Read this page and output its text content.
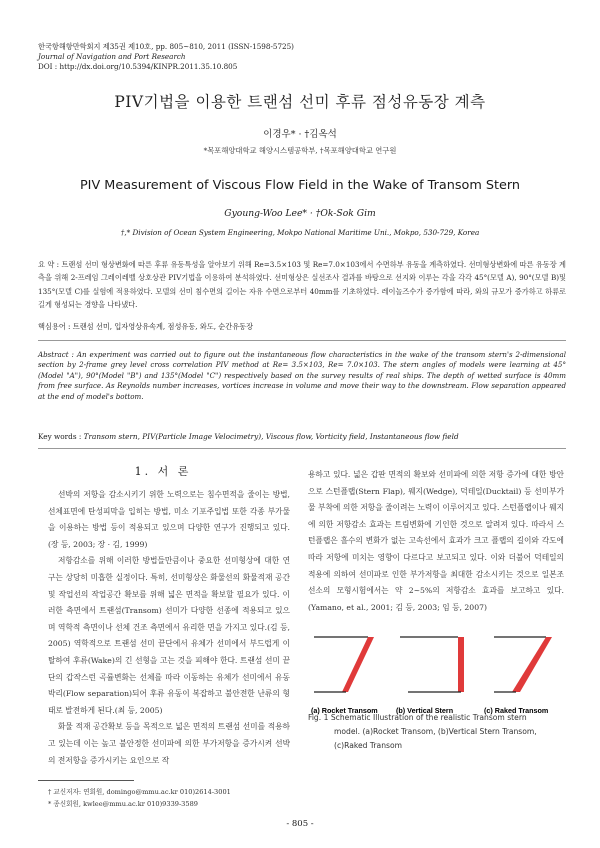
한국항해항만학회지 제35권 제10호, pp. 805~810, 2011 (ISSN-1598-5725)
Journal of Navigation and Port Research
DOI : http://dx.doi.org/10.5394/KINPR.2011.35.10.805
PIV기법을 이용한 트랜섬 선미 후류 점성유동장 계측
이경우* · †김옥석
*목포해양대학교 해양시스템공학부, †목포해양대학교 연구원
PIV Measurement of Viscous Flow Field in the Wake of Transom Stern
Gyoung-Woo Lee* · †Ok-Sok Gim
†,* Division of Ocean System Engineering, Mokpo National Maritime Uni., Mokpo, 530-729, Korea
요 약 : 트랜섬 선미 형상변화에 따른 후류 유동특성을 알아보기 위해 Re=3.5×103 및 Re=7.0×103에서 수면하부 유동을 계측하였다. 선미형상변화에 따른 유동장 계측을 위해 2-프레임 그레이레벨 상호상관 PIV기법을 이용하여 분석하였다. 선미형상은 실선조사 결과를 바탕으로 선지와 이루는 각을 각각 45°(모델 A), 90°(모델 B)및 135°(모델 C)를 실험에 적용하였다. 모델의 선미 침수면의 길이는 자유 수면으로부터 40mm를 기초하였다. 레이놀즈수가 증가함에 따라, 와의 규모가 증가하고 하류로 길게 형성되는 경향을 나타냈다.
핵심용어 : 트랜섬 선미, 입자영상유속계, 점성유동, 와도, 순간유동장
Abstract : An experiment was carried out to figure out the instantaneous flow characteristics in the wake of the transom stern's 2-dimensional section by 2-frame grey level cross correlation PIV method at Re= 3.5×103, Re= 7.0×103. The stern angles of models were learning at 45°(Model "A"), 90°(Model "B") and 135°(Model "C") respectively based on the survey results of real ships. The depth of wetted surface is 40mm from free surface. As Reynolds number increases, vortices increase in volume and move their way to the downstream. Flow separation appeared at the end of model's bottom.
Key words : Transom stern, PIV(Particle Image Velocimetry), Viscous flow, Vorticity field, Instantaneous flow field
1. 서 론

선박의 저항을 감소시키기 위한 노력으로는 침수면적을 줄이는 방법, 선체표면에 탄성피막을 입히는 방법, 미소 기포주입법 또한 각종 부가물을 이용하는 방법 등이 적용되고 있으며 다양한 연구가 진행되고 있다.(장 등, 2003; 장 · 김, 1999)

저항감소를 위해 이러한 방법들만큼이나 중요한 선미형상에 대한 연구는 상당히 미흡한 실정이다. 특히, 선미형상은 화물선의 화물적재 공간 및 작업선의 작업공간 확보를 위해 넓은 면적을 확보할 필요가 있다. 이러한 측면에서 트랜섬(Transom) 선미가 다양한 선종에 적용되고 있으며 역학적 측면이나 선체 건조 측면에서 유리한 면을 가지고 있다.(김 등, 2005) 역학적으로 트랜섬 선미 끝단에서 유체가 선미에서 부드럽게 이탈하여 후류(Wake)의 긴 선형을 고는 것을 피해야 한다. 트랜섬 선미 끝단의 갑작스런 곡률변화는 선체를 따라 이동하는 유체가 선미에서 유동박리(Flow separation)되어 후류 유동이 복잡하고 불안전한 난류의 형태로 발전하게 된다.(최 등, 2005)

화물 적재 공간확보 등을 목적으로 넓은 면적의 트랜섬 선미를 적용하고 있는데 이는 높고 불안정한 선미파에 의한 부가저항을 증가시켜 선박의 전저항을 증가시키는 요인으로 작

용하고 있다. 넓은 갑판 면적의 확보와 선미파에 의한 저항 증가에 대한 방안으로 스턴플랩(Stern Flap), 웨지(Wedge), 덕테일(Ducktail) 등 선미부가물 부착에 의한 저항을 줄이려는 노력이 이루어지고 있다. 스턴플랩이나 웨지에 의한 저항감소 효과는 트림변화에 기인한 것으로 알려져 있다. 따라서 스턴플랩은 흘수의 변화가 없는 고속선에서 효과가 크고 플랩의 길이와 각도에 따라 저항에 미치는 영향이 다르다고 보고되고 있다. 이와 더불어 덕테일의 적용에 의하여 선미파로 인한 부가저항을 최대한 감소시키는 것으로 일본조선소의 모형시험에서는 약 2~5%의 저항감소 효과를 보고하고 있다.(Yamano, et al., 2001; 김 등, 2003; 임 등, 2007)
(a) Rocket Transom	(b) Vertical Stern	(c) Raked Transom
Fig. 1 Schematic Illustration of the realistic Transom stern
model. (a)Rocket Transom, (b)Vertical Stern Transom, (c)Raked Transom
† 교신저자: 연회원, domingo@mmu.ac.kr 010)2614-3001
* 종신회원, kwlee@mmu.ac.kr 010)9339-3589
- 805 -
